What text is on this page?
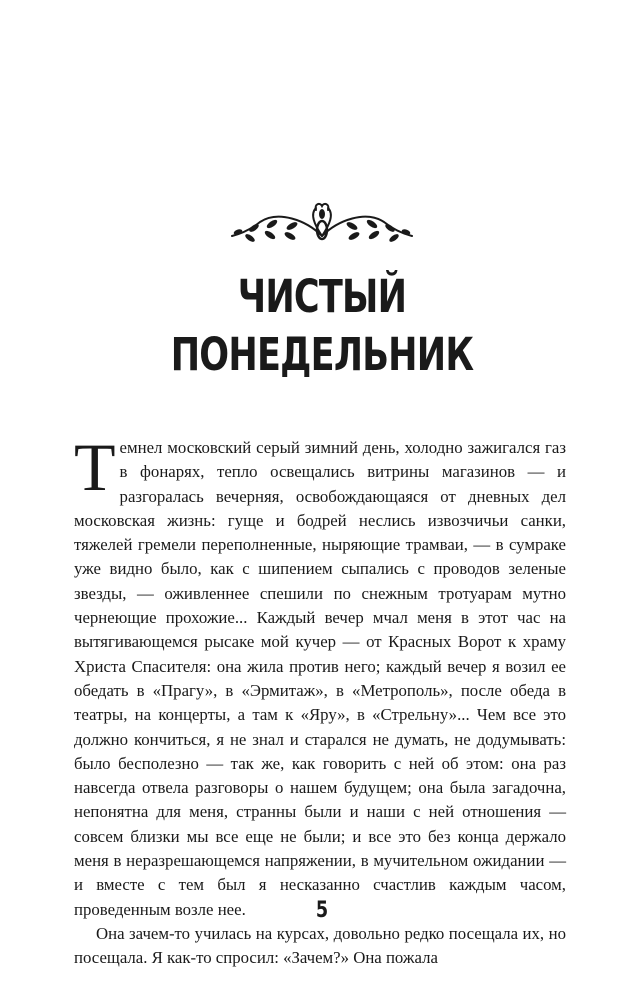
ЧИСТЫЙ
ПОНЕДЕЛЬНИК

Темнел московский серый зимний день, холодно зажигался газ в фонарях, тепло освещались витрины магазинов — и разгоралась вечерняя, освобождающаяся от дневных дел московская жизнь: гуще и бодрей неслись извозчичьи санки, тяжелей гремели переполненные, ныряющие трамваи, — в сумраке уже видно было, как с шипением сыпались с проводов зеленые звезды, — оживленнее спешили по снежным тротуарам мутно чернеющие прохожие... Каждый вечер мчал меня в этот час на вытягивающемся рысаке мой кучер — от Красных Ворот к храму Христа Спасителя: она жила против него; каждый вечер я возил ее обедать в «Прагу», в «Эрмитаж», в «Метрополь», после обеда в театры, на концерты, а там к «Яру», в «Стрельну»... Чем все это должно кончиться, я не знал и старался не думать, не додумывать: было бесполезно — так же, как говорить с ней об этом: она раз навсегда отвела разговоры о нашем будущем; она была загадочна, непонятна для меня, странны были и наши с ней отношения — совсем близки мы все еще не были; и все это без конца держало меня в неразрешающемся напряжении, в мучительном ожидании — и вместе с тем был я несказанно счастлив каждым часом, проведенным возле нее.

Она зачем-то училась на курсах, довольно редко посещала их, но посещала. Я как-то спросил: «Зачем?» Она пожала

5
